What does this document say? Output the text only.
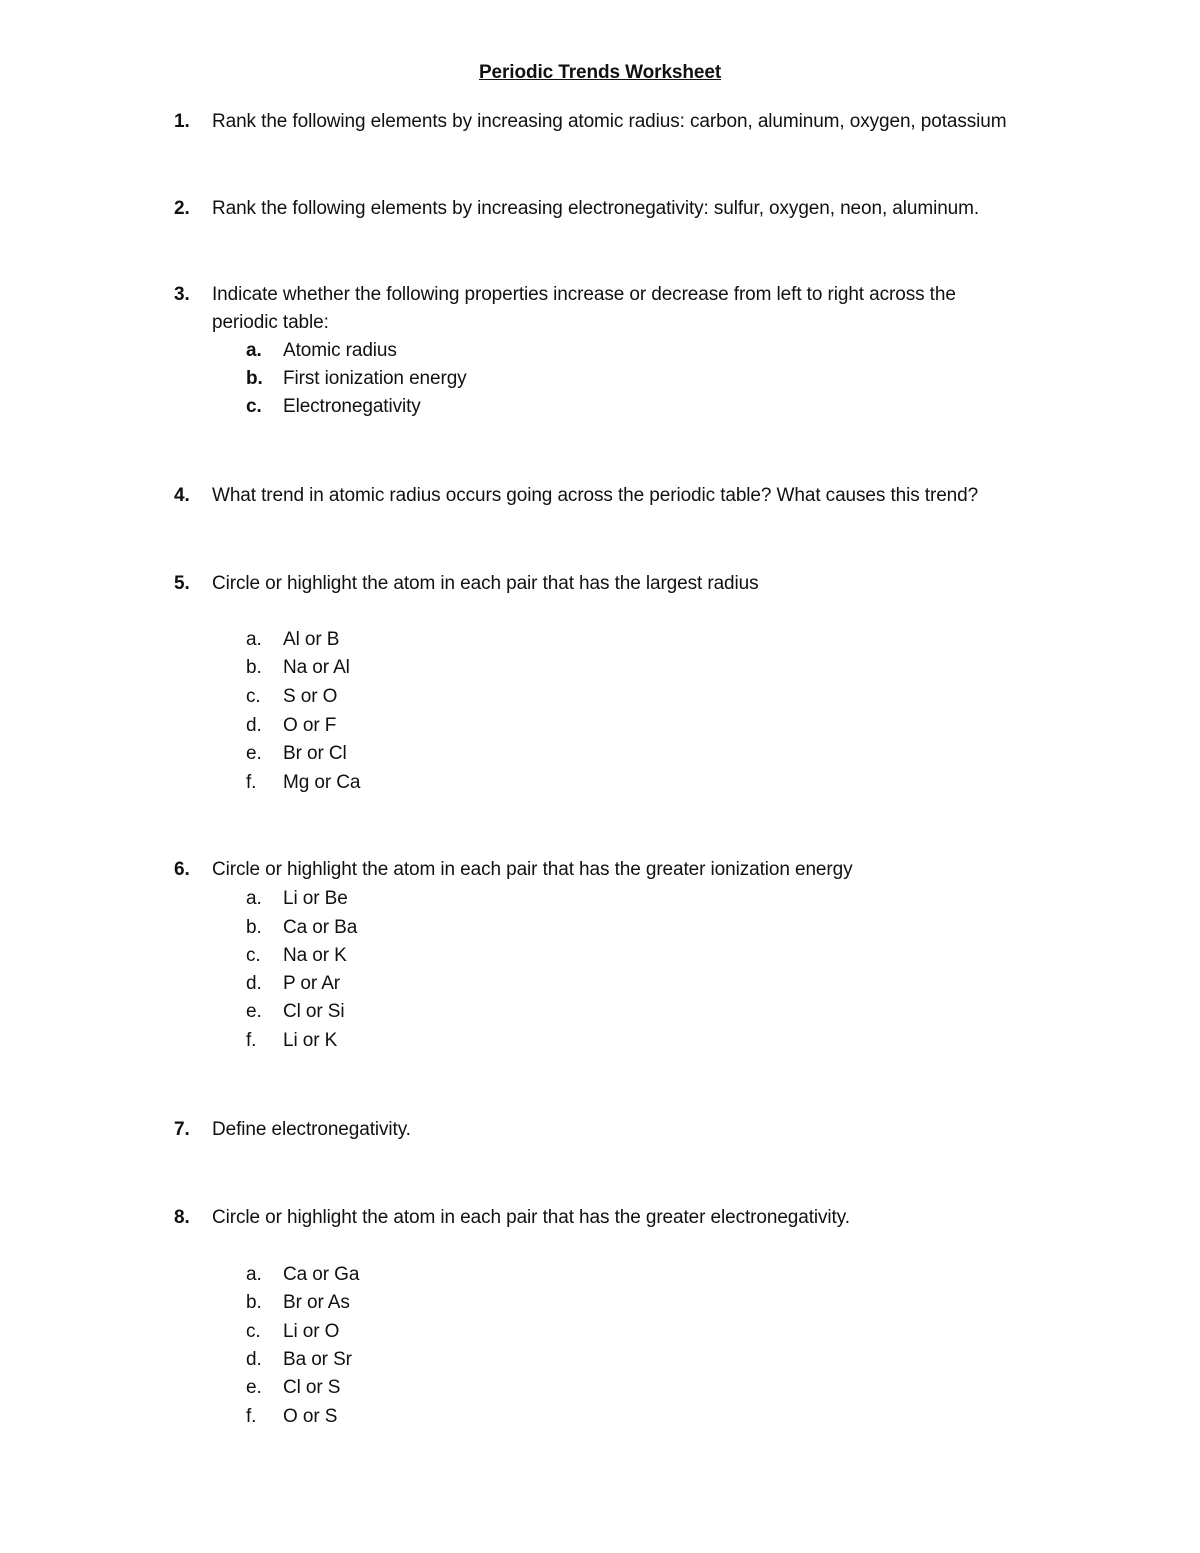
Periodic Trends Worksheet
1. Rank the following elements by increasing atomic radius: carbon, aluminum, oxygen, potassium
2. Rank the following elements by increasing electronegativity: sulfur, oxygen, neon, aluminum.
3. Indicate whether the following properties increase or decrease from left to right across the
periodic table:
a. Atomic radius
b. First ionization energy
c. Electronegativity
4. What trend in atomic radius occurs going across the periodic table? What causes this trend?
5. Circle or highlight the atom in each pair that has the largest radius
a. Al or B
b. Na or Al
c. S or O
d. O or F
e. Br or Cl
f. Mg or Ca
6. Circle or highlight the atom in each pair that has the greater ionization energy
a. Li or Be
b. Ca or Ba
c. Na or K
d. P or Ar
e. Cl or Si
f. Li or K
7. Define electronegativity.
8. Circle or highlight the atom in each pair that has the greater electronegativity.
a. Ca or Ga
b. Br or As
c. Li or O
d. Ba or Sr
e. Cl or S
f. O or S
